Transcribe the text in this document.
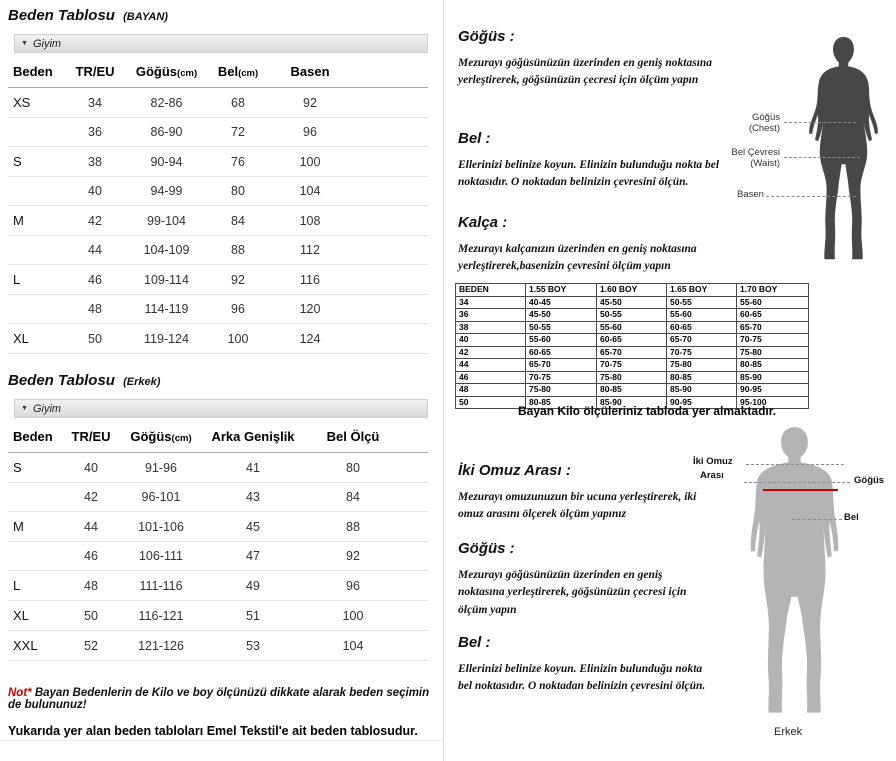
Beden Tablosu (BAYAN)
▼ Giyim
Beden	TR/EU	Göğüs(cm)	Bel(cm)	Basen	
XS	34	82-86	68	92	
	36	86-90	72	96	
S	38	90-94	76	100	
	40	94-99	80	104	
M	42	99-104	84	108	
	44	104-109	88	112	
L	46	109-114	92	116	
	48	114-119	96	120	
XL	50	119-124	100	124	
Beden Tablosu (Erkek)
▼ Giyim
Beden	TR/EU	Göğüs(cm)	Arka Genişlik	Bel Ölçü	
S	40	91-96	41	80	
	42	96-101	43	84	
M	44	101-106	45	88	
	46	106-111	47	92	
L	48	111-116	49	96	
XL	50	116-121	51	100	
XXL	52	121-126	53	104	
Not* Bayan Bedenlerin de Kilo ve boy ölçünüzü dikkate alarak beden seçimin de bulununuz!
Yukarıda yer alan beden tabloları Emel Tekstil'e ait beden tablosudur.
Göğüs :
Mezurayı göğüsünüzün üzerinden en geniş noktasına yerleştirerek, göğsünüzün çecresi için ölçüm yapın
Bel :
Ellerinizi belinize koyun. Elinizin bulunduğu nokta bel noktasıdır. O noktadan belinizin çevresini ölçün.
Kalça :
Mezurayı kalçanızın üzerinden en geniş noktasına yerleştirerek,basenizin çevresini ölçüm yapın
Göğüs
(Chest)
Bel Çevresi
(Waist)
Basen
BEDEN	1.55 BOY	1.60 BOY	1.65 BOY	1.70 BOY
34	40-45	45-50	50-55	55-60
36	45-50	50-55	55-60	60-65
38	50-55	55-60	60-65	65-70
40	55-60	60-65	65-70	70-75
42	60-65	65-70	70-75	75-80
44	65-70	70-75	75-80	80-85
46	70-75	75-80	80-85	85-90
48	75-80	80-85	85-90	90-95
50	80-85	85-90	90-95	95-100
Bayan Kilo ölçüleriniz tabloda yer almaktadır.
İki Omuz Arası :
Mezurayı omuzunuzun bir ucuna yerleştirerek, iki omuz arasını ölçerek ölçüm yapınız
Göğüs :
Mezurayı göğüsünüzün üzerinden en geniş noktasına yerleştirerek, göğsünüzün çecresi için ölçüm yapın
Bel :
Ellerinizi belinize koyun. Elinizin bulunduğu nokta bel noktasıdır. O noktadan belinizin çevresini ölçün.
İki Omuz
Arası	Göğüs
Bel
Erkek
